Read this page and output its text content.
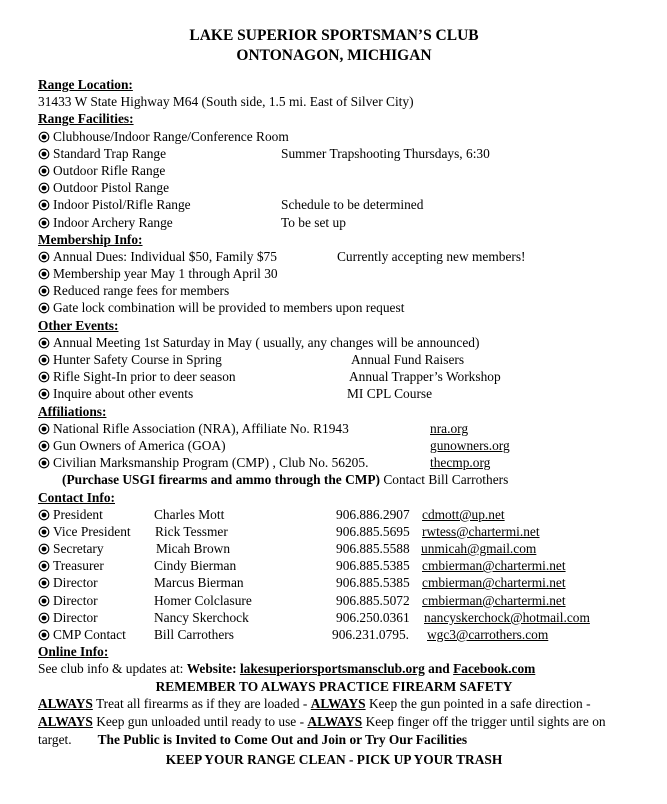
LAKE SUPERIOR SPORTSMAN’S CLUB
ONTONAGON, MICHIGAN
Range Location:
31433 W State Highway M64 (South side, 1.5 mi. East of Silver City)
Range Facilities:
Clubhouse/Indoor Range/Conference Room
Standard Trap Range	Summer Trapshooting Thursdays, 6:30
Outdoor Rifle Range
Outdoor Pistol Range
Indoor Pistol/Rifle Range	Schedule to be determined
Indoor Archery Range	To be set up
Membership Info:
Annual Dues: Individual $50, Family $75	Currently accepting new members!
Membership year May 1 through April 30
Reduced range fees for members
Gate lock combination will be provided to members upon request
Other Events:
Annual Meeting 1st Saturday in May ( usually, any changes will be announced)
Hunter Safety Course in Spring	Annual Fund Raisers
Rifle Sight-In prior to deer season	Annual Trapper’s Workshop
Inquire about other events	MI CPL Course
Affiliations:
National Rifle Association (NRA), Affiliate No. R1943	nra.org
Gun Owners of America (GOA)	gunowners.org
Civilian Marksmanship Program (CMP) , Club No. 56205.	thecmp.org
(Purchase USGI firearms and ammo through the CMP) Contact Bill Carrothers
Contact Info:
President	Charles Mott	906.886.2907 cdmott@up.net
Vice President Rick Tessmer	906.885.5695 rwtess@chartermi.net
Secretary	Micah Brown	906.885.5588 unmicah@gmail.com
Treasurer	Cindy Bierman	906.885.5385 cmbierman@chartermi.net
Director	Marcus Bierman	906.885.5385 cmbierman@chartermi.net
Director	Homer Colclasure	906.885.5072 cmbierman@chartermi.net
Director	Nancy Skerchock	906.250.0361 nancyskerchock@hotmail.com
CMP Contact Bill Carrothers	906.231.0795. wgc3@carrothers.com
Online Info:
See club info & updates at: Website: lakesuperiorsportsmansclub.org and Facebook.com
REMEMBER TO ALWAYS PRACTICE FIREARM SAFETY
ALWAYS Treat all firearms as if they are loaded - ALWAYS Keep the gun pointed in a safe direction - ALWAYS Keep gun unloaded until ready to use - ALWAYS Keep finger off the trigger until sights are on target. The Public is Invited to Come Out and Join or Try Our Facilities
KEEP YOUR RANGE CLEAN - PICK UP YOUR TRASH
